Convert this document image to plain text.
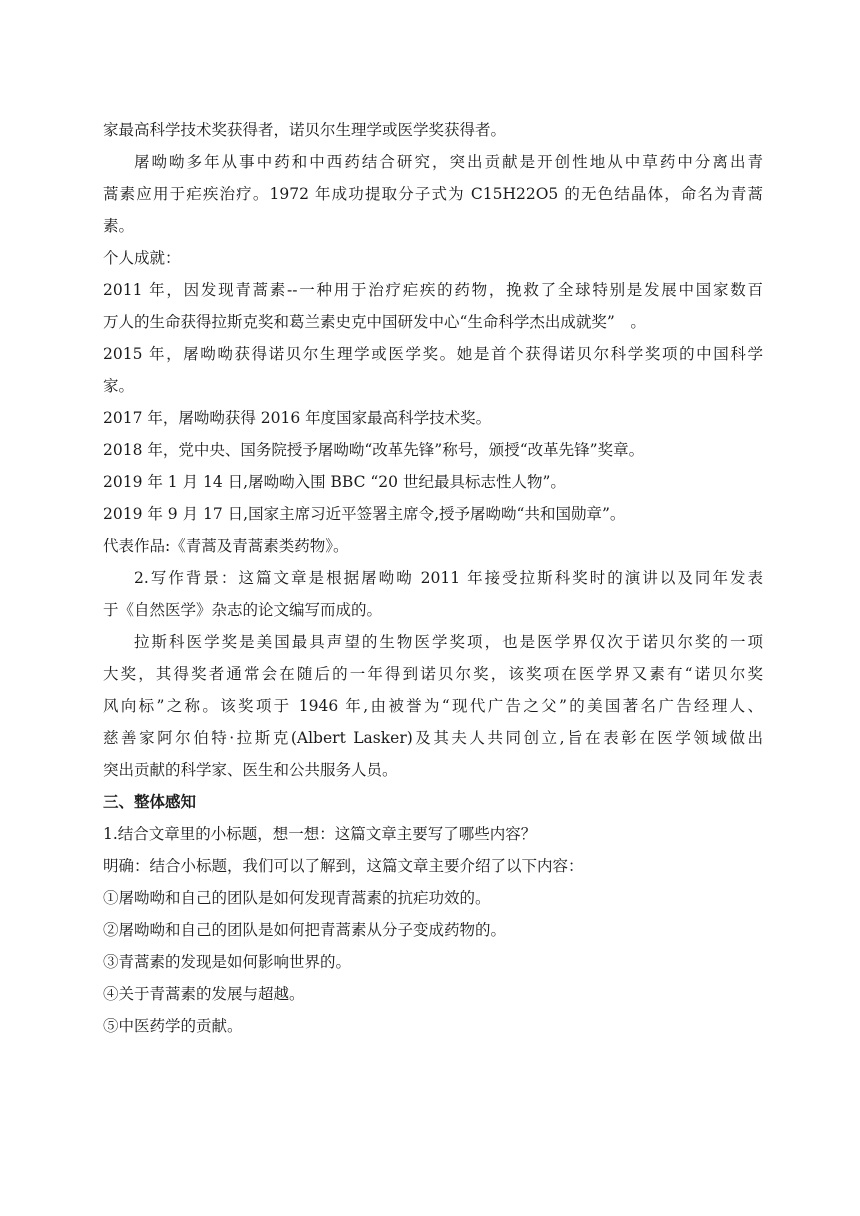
家最高科学技术奖获得者，诺贝尔生理学或医学奖获得者。
屠呦呦多年从事中药和中西药结合研究，突出贡献是开创性地从中草药中分离出青
蒿素应用于疟疾治疗。1972 年成功提取分子式为 C15H22O5 的无色结晶体，命名为青蒿
素。
个人成就：
2011 年，因发现青蒿素--一种用于治疗疟疾的药物，挽救了全球特别是发展中国家数百
万人的生命获得拉斯克奖和葛兰素史克中国研发中心“生命科学杰出成就奖”　。
2015 年，屠呦呦获得诺贝尔生理学或医学奖。她是首个获得诺贝尔科学奖项的中国科学
家。
2017 年，屠呦呦获得 2016 年度国家最高科学技术奖。
2018 年，党中央、国务院授予屠呦呦“改革先锋”称号，颁授“改革先锋”奖章。
2019 年 1 月 14 日,屠呦呦入围 BBC “20 世纪最具标志性人物”。
2019 年 9 月 17 日,国家主席习近平签署主席令,授予屠呦呦“共和国勋章”。
代表作品:《青蒿及青蒿素类药物》。
2.写作背景：这篇文章是根据屠呦呦 2011 年接受拉斯科奖时的演讲以及同年发表
于《自然医学》杂志的论文编写而成的。
拉斯科医学奖是美国最具声望的生物医学奖项，也是医学界仅次于诺贝尔奖的一项
大奖，其得奖者通常会在随后的一年得到诺贝尔奖，该奖项在医学界又素有“诺贝尔奖
风向标”之称。该奖项于 1946 年,由被誉为“现代广告之父”的美国著名广告经理人、
慈善家阿尔伯特·拉斯克(Albert Lasker)及其夫人共同创立,旨在表彰在医学领域做出
突出贡献的科学家、医生和公共服务人员。
三、整体感知
1.结合文章里的小标题，想一想：这篇文章主要写了哪些内容？
明确：结合小标题，我们可以了解到，这篇文章主要介绍了以下内容：
①屠呦呦和自己的团队是如何发现青蒿素的抗疟功效的。
②屠呦呦和自己的团队是如何把青蒿素从分子变成药物的。
③青蒿素的发现是如何影响世界的。
④关于青蒿素的发展与超越。
⑤中医药学的贡献。
